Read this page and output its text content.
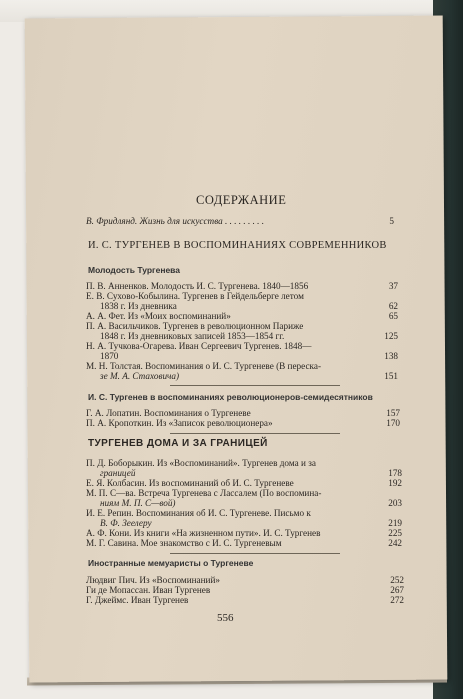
СОДЕРЖАНИЕ
В. Фридлянд. Жизнь для искусства . . . . . . . . .	5
И. С. ТУРГЕНЕВ В ВОСПОМИНАНИЯХ СОВРЕМЕННИКОВ
Молодость Тургенева
П. В. Анненков. Молодость И. С. Тургенева. 1840—1856	37
Е. В. Сухово-Кобылина. Тургенев в Гейдельберге летом
1838 г. Из дневника	62
А. А. Фет. Из «Моих воспоминаний»	65
П. А. Васильчиков. Тургенев в революционном Париже
1848 г. Из дневниковых записей 1853—1854 гг.	125
Н. А. Тучкова-Огарева. Иван Сергеевич Тургенев. 1848—
1870	138
М. Н. Толстая. Воспоминания о И. С. Тургеневе (В переска-
зе М. А. Стаховича)	151
И. С. Тургенев в воспоминаниях революционеров-семидесятников
Г. А. Лопатин. Воспоминания о Тургеневе	157
П. А. Кропоткин. Из «Записок революционера»	170
ТУРГЕНЕВ ДОМА И ЗА ГРАНИЦЕЙ
П. Д. Боборыкин. Из «Воспоминаний». Тургенев дома и за
границей	178
Е. Я. Колбасин. Из воспоминаний об И. С. Тургеневе	192
М. П. С—ва. Встреча Тургенева с Лассалем (По воспомина-
ниям М. П. С—вой)	203
И. Е. Репин. Воспоминания об И. С. Тургеневе. Письмо к
В. Ф. Зеелеру	219
А. Ф. Кони. Из книги «На жизненном пути». И. С. Тургенев	225
М. Г. Савина. Мое знакомство с И. С. Тургеневым	242
Иностранные мемуаристы о Тургеневе
Людвиг Пич. Из «Воспоминаний»	252
Ги де Мопассан. Иван Тургенев	267
Г. Джеймс. Иван Тургенев	272
556
